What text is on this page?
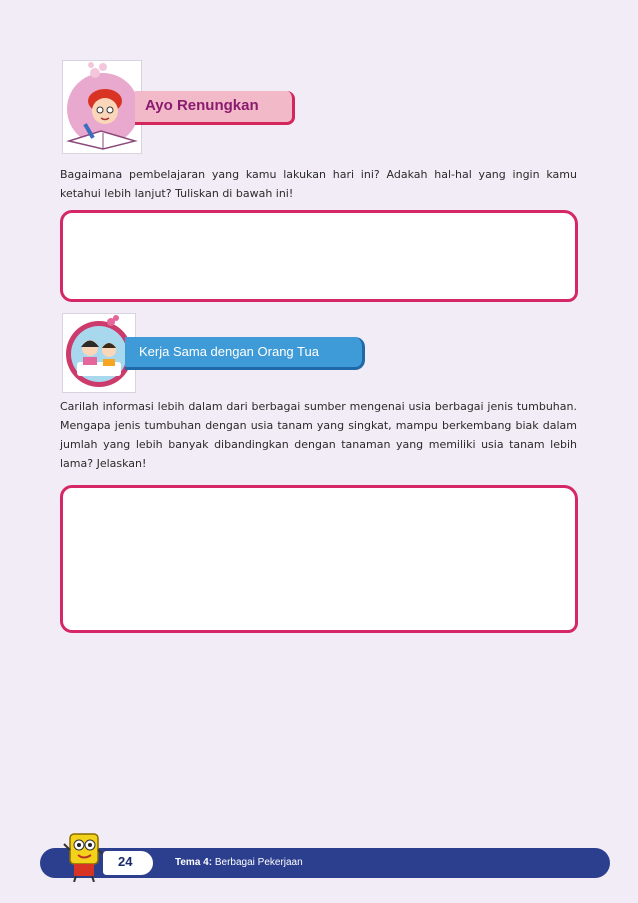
Ayo Renungkan
Bagaimana pembelajaran yang kamu lakukan hari ini? Adakah hal-hal yang ingin kamu ketahui lebih lanjut? Tuliskan di bawah ini!
Kerja Sama dengan Orang Tua
Carilah informasi lebih dalam dari berbagai sumber mengenai usia berbagai jenis tumbuhan. Mengapa jenis tumbuhan dengan usia tanam yang singkat, mampu berkembang biak dalam jumlah yang lebih banyak dibandingkan dengan tanaman yang memiliki usia tanam lebih lama? Jelaskan!
24	Tema 4: Berbagai Pekerjaan
